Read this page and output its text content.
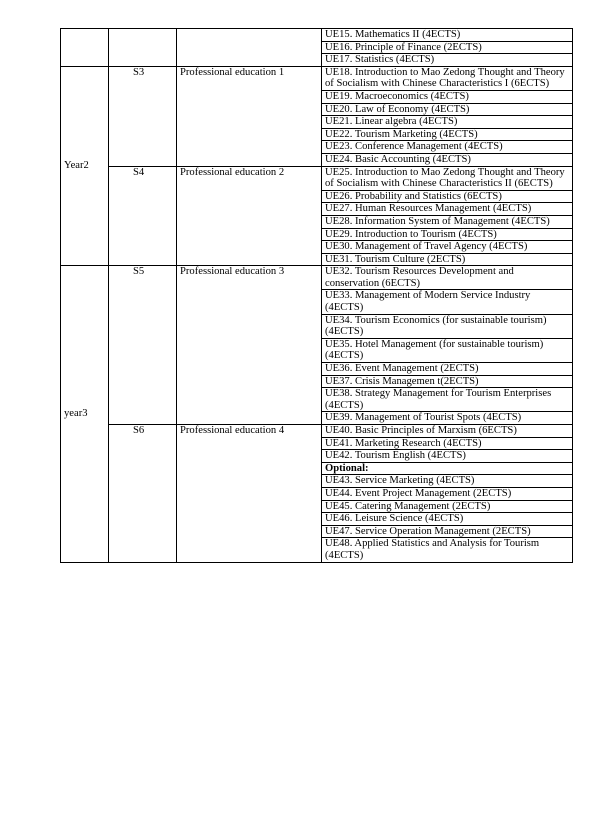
			UE15. Mathematics II (4ECTS)
			UE16. Principle of Finance (2ECTS)
			UE17. Statistics (4ECTS)
Year2	S3	Professional education 1	UE18. Introduction to Mao Zedong Thought and Theory of Socialism with Chinese Characteristics I (6ECTS)
			UE19. Macroeconomics (4ECTS)
			UE20. Law of Economy (4ECTS)
			UE21. Linear algebra (4ECTS)
			UE22. Tourism Marketing (4ECTS)
			UE23. Conference Management (4ECTS)
			UE24. Basic Accounting (4ECTS)
	S4	Professional education 2	UE25. Introduction to Mao Zedong Thought and Theory of Socialism with Chinese Characteristics II (6ECTS)
			UE26. Probability and Statistics (6ECTS)
			UE27. Human Resources Management (4ECTS)
			UE28. Information System of Management (4ECTS)
			UE29. Introduction to Tourism (4ECTS)
			UE30. Management of Travel Agency (4ECTS)
			UE31. Tourism Culture (2ECTS)
year3	S5	Professional education 3	UE32. Tourism Resources Development and conservation (6ECTS)
			UE33. Management of Modern Service Industry (4ECTS)
			UE34. Tourism Economics (for sustainable tourism) (4ECTS)
			UE35. Hotel Management (for sustainable tourism) (4ECTS)
			UE36. Event Management (2ECTS)
			UE37. Crisis Managemen t(2ECTS)
			UE38. Strategy Management for Tourism Enterprises (4ECTS)
			UE39. Management of Tourist Spots (4ECTS)
	S6	Professional education 4	UE40. Basic Principles of Marxism (6ECTS)
			UE41. Marketing Research (4ECTS)
			UE42. Tourism English (4ECTS)
			Optional:
			UE43. Service Marketing (4ECTS)
			UE44. Event Project Management (2ECTS)
			UE45. Catering Management (2ECTS)
			UE46. Leisure Science (4ECTS)
			UE47. Service Operation Management (2ECTS)
			UE48. Applied Statistics and Analysis for Tourism (4ECTS)
